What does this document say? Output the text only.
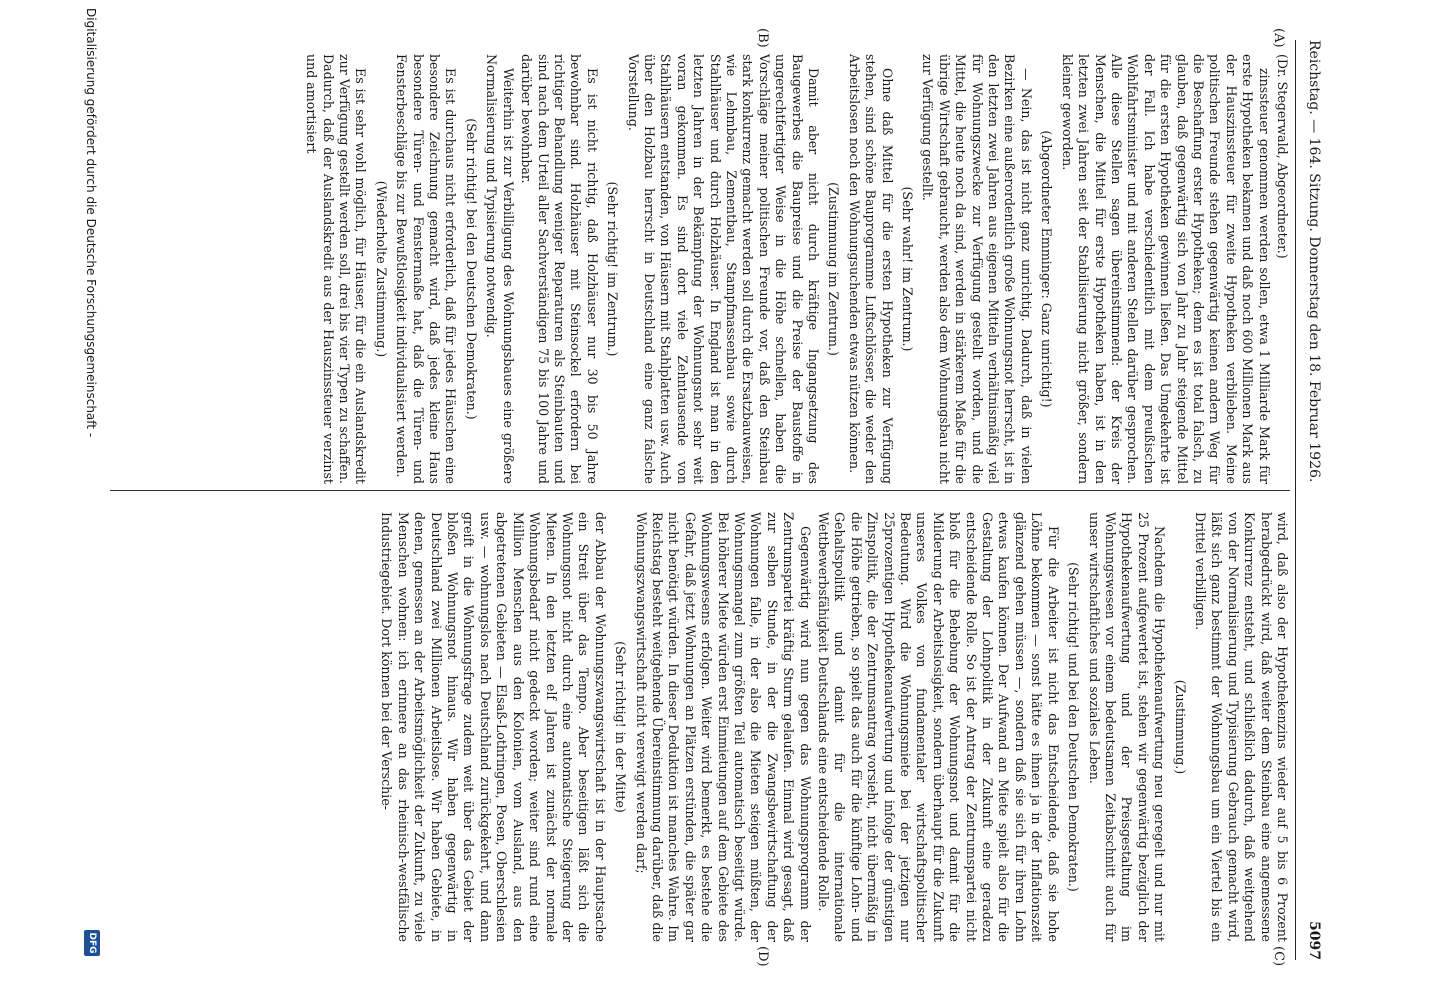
Reichstag. — 164. Sitzung. Donnerstag den 18. Februar 1926.
5097
(A)
(B)
(C)
(D)

(Dr. Stegerwald, Abgeordneter.)

zinssteuer genommen werden sollen, etwa 1 Milliarde Mark für erste Hypotheken bekamen und daß noch 600 Millionen Mark aus der Hauszinssteuer für zweite Hypotheken verblieben. Meine politischen Freunde stehen gegenwärtig keinen andern Weg für die Beschaffung erster Hypotheken; denn es ist total falsch, zu glauben, daß gegenwärtig sich von Jahr zu Jahr steigende Mittel für die ersten Hypotheken gewinnen ließen. Das Umgekehrte ist der Fall. Ich habe verschiedentlich mit dem preußischen Wohlfahrtsminister und mit anderen Stellen darüber gesprochen. Alle diese Stellen sagen übereinstimmend: der Kreis der Menschen, die Mittel für erste Hypotheken haben, ist in den letzten zwei Jahren seit der Stabilisierung nicht größer, sondern kleiner geworden.

(Abgeordneter Emminger: Ganz unrichtig!)

— Nein, das ist nicht ganz unrichtig. Dadurch, daß in vielen Bezirken eine außerordentlich große Wohnungsnot herrscht, ist in den letzten zwei Jahren aus eigenen Mitteln verhältnismäßig viel für Wohnungszwecke zur Verfügung gestellt worden, und die Mittel, die heute noch da sind, werden in stärkerem Maße für die übrige Wirtschaft gebraucht, werden also dem Wohnungsbau nicht zur Verfügung gestellt.

(Sehr wahr! im Zentrum.)

Ohne daß Mittel für die ersten Hypotheken zur Verfügung stehen, sind schöne Bauprogramme Luftschlösser, die weder den Arbeitslosen noch den Wohnungsuchenden etwas nützen können.

(Zustimmung im Zentrum.)

Damit aber nicht durch kräftige Ingangsetzung des Baugewerbes die Baupreise und die Preise der Baustoffe in ungerechtfertigter Weise in die Höhe schnellen, haben die Vorschläge meiner politischen Freunde vor, daß den Steinbau stark konkurrenz gemacht werden soll durch die Ersatzbauweisen, wie Lehmbau, Zementbau, Stampfmassenbau sowie durch Stahlhäuser und durch Holzhäuser. In England ist man in den letzten Jahren in der Bekämpfung der Wohnungsnot sehr weit voran gekommen. Es sind dort viele Zehntausende von Stahlhäusern entstanden, von Häusern mit Stahlplatten usw. Auch über den Holzbau herrscht in Deutschland eine ganz falsche Vorstellung.

(Sehr richtig! im Zentrum.)

Es ist nicht richtig, daß Holzhäuser nur 30 bis 50 Jahre bewohnbar sind. Holzhäuser mit Steinsockel erfordern bei richtiger Behandlung weniger Reparaturen als Steinbauten und sind nach dem Urteil aller Sachverständigen 75 bis 100 Jahre und darüber bewohnbar.

Weiterhin ist zur Verbilligung des Wohnungsbaues eine größere Normalisierung und Typisierung notwendig.

(Sehr richtig! bei den Deutschen Demokraten.)

Es ist durchaus nicht erforderlich, daß für jedes Häuschen eine besondere Zeichnung gemacht wird, daß jedes kleine Haus besondere Türen- und Fenstermaße hat, daß die Türen- und Fensterbeschläge bis zur Bewußtlosigkeit individualisiert werden.

(Wiederholte Zustimmung.)

Es ist sehr wohl möglich, für Häuser, für die ein Auslandskredit zur Verfügung gestellt werden soll, drei bis vier Typen zu schaffen. Dadurch, daß der Auslandskredit aus der Hauszinssteuer verzinst und amortisiert

wird, daß also der Hypothekenzins wieder auf 5 bis 6 Prozent herabgedrückt wird, daß weiter dem Steinbau eine angemessene Konkurrenz entsteht, und schließlich dadurch, daß weitgehend von der Normalisierung und Typisierung Gebrauch gemacht wird, läßt sich ganz bestimmt der Wohnungsbau um ein Viertel bis ein Drittel verbilligen.

(Zustimmung.)

Nachdem die Hypothekenaufwertung neu geregelt und nur mit 25 Prozent aufgewertet ist, stehen wir gegenwärtig bezüglich der Hypothekenaufwertung und der Preisgestaltung im Wohnungswesen vor einem bedeutsamen Zeitabschnitt auch für unser wirtschaftliches und soziales Leben.

(Sehr richtig! und bei den Deutschen Demokraten.)

Für die Arbeiter ist nicht das Entscheidende, daß sie hohe Löhne bekommen — sonst hätte es ihnen ja in der Inflationszeit glänzend gehen müssen —, sondern daß sie sich für ihren Lohn etwas kaufen können. Der Aufwand an Miete spielt also für die Gestaltung der Lohnpolitik in der Zukunft eine geradezu entscheidende Rolle. So ist der Antrag der Zentrumspartei nicht bloß für die Behebung der Wohnungsnot und damit für die Milderung der Arbeitslosigkeit, sondern überhaupt für die Zukunft unseres Volkes von fundamentaler wirtschaftspolitischer Bedeutung. Wird die Wohnungsmiete bei der jetzigen nur 25prozentigen Hypothekenaufwertung und infolge der günstigen Zinspolitik, die der Zentrumsantrag vorsieht, nicht übermäßig in die Höhe getrieben, so spielt das auch für die künftige Lohn- und Gehaltspolitik und damit für die internationale Wettbewerbsfähigkeit Deutschlands eine entscheidende Rolle.

Gegenwärtig wird nun gegen das Wohnungsprogramm der Zentrumspartei kräftig Sturm gelaufen. Einmal wird gesagt, daß zur selben Stunde, in der die Zwangsbewirtschaftung der Wohnungen falle, in der also die Mieten steigen müßten, der Wohnungsmangel zum größten Teil automatisch beseitigt würde. Bei höherer Miete würden erst Einmietungen auf dem Gebiete des Wohnungswesens erfolgen. Weiter wird bemerkt, es bestehe die Gefahr, daß jetzt Wohnungen an Plätzen erstünden, die später gar nicht benötigt würden. In dieser Deduktion ist manches Wahre. Im Reichstag besteht weitgehende Übereinstimmung darüber, daß die Wohnungszwangswirtschaft nicht verewigt werden darf;

(Sehr richtig! in der Mitte)

der Abbau der Wohnungszwangswirtschaft ist in der Hauptsache ein Streit über das Tempo. Aber beseitigen läßt sich die Wohnungsnot nicht durch eine automatische Steigerung der Mieten. In den letzten elf Jahren ist zunächst der normale Wohnungsbedarf nicht gedeckt worden; weiter sind rund eine Million Menschen aus den Kolonien, vom Ausland, aus den abgetretenen Gebieten — Elsaß-Lothringen, Posen, Oberschlesien usw. — wohnungslos nach Deutschland zurückgekehrt, und dann greift in die Wohnungsfrage zudem weit über das Gebiet der bloßen Wohnungsnot hinaus. Wir haben gegenwärtig in Deutschland zwei Millionen Arbeitslose. Wir haben Gebiete, in denen, gemessen an der Arbeitsmöglichkeit der Zukunft, zu viele Menschen wohnen: ich erinnere an das rheinisch-westfälische Industriegebiet. Dort können bei der Verschie-

Digitalisierung gefördert durch die Deutsche Forschungsgemeinschaft -
DFG
